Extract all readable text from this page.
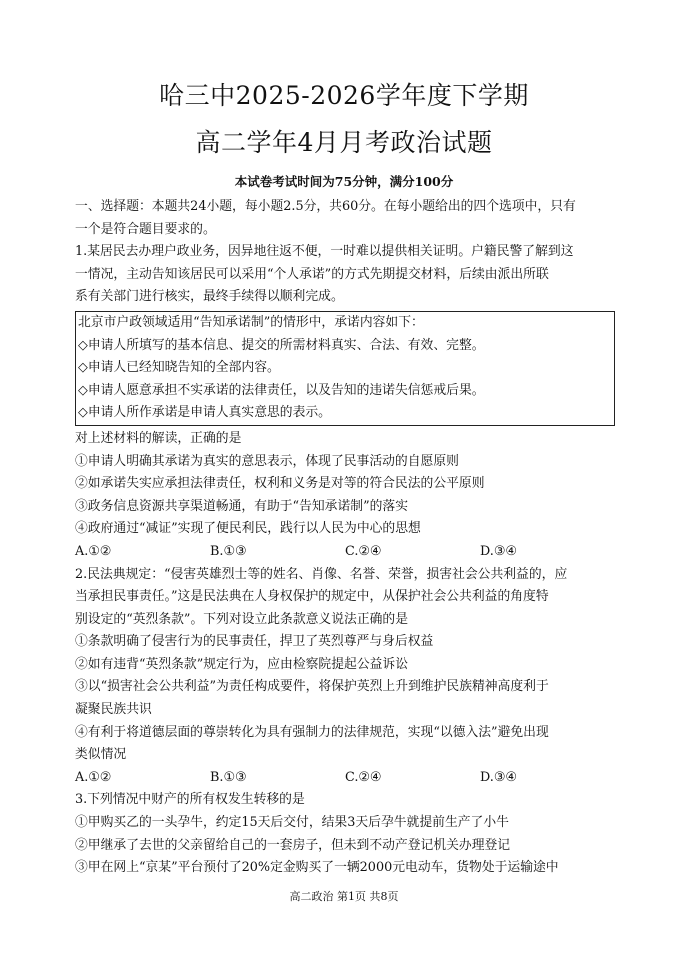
哈三中2025-2026学年度下学期
高二学年4月月考政治试题
本试卷考试时间为75分钟，满分100分

一、选择题：本题共24小题，每小题2.5分，共60分。在每小题给出的四个选项中，只有

一个是符合题目要求的。

1.某居民去办理户政业务，因异地往返不便，一时难以提供相关证明。户籍民警了解到这

一情况，主动告知该居民可以采用“个人承诺”的方式先期提交材料，后续由派出所联

系有关部门进行核实，最终手续得以顺利完成。

北京市户政领域适用“告知承诺制”的情形中，承诺内容如下：

◇申请人所填写的基本信息、提交的所需材料真实、合法、有效、完整。

◇申请人已经知晓告知的全部内容。

◇申请人愿意承担不实承诺的法律责任，以及告知的违诺失信惩戒后果。

◇申请人所作承诺是申请人真实意思的表示。

对上述材料的解读，正确的是

①申请人明确其承诺为真实的意思表示，体现了民事活动的自愿原则

②如承诺失实应承担法律责任，权利和义务是对等的符合民法的公平原则

③政务信息资源共享渠道畅通，有助于“告知承诺制”的落实

④政府通过“减证”实现了便民利民，践行以人民为中心的思想

A.①②	B.①③	C.②④	D.③④

2.民法典规定：“侵害英雄烈士等的姓名、肖像、名誉、荣誉，损害社会公共利益的，应

当承担民事责任。”这是民法典在人身权保护的规定中，从保护社会公共利益的角度特

别设定的“英烈条款”。下列对设立此条款意义说法正确的是

①条款明确了侵害行为的民事责任，捍卫了英烈尊严与身后权益

②如有违背“英烈条款”规定行为，应由检察院提起公益诉讼

③以“损害社会公共利益”为责任构成要件，将保护英烈上升到维护民族精神高度利于

凝聚民族共识

④有利于将道德层面的尊崇转化为具有强制力的法律规范，实现“以德入法”避免出现

类似情况

A.①②	B.①③	C.②④	D.③④

3.下列情况中财产的所有权发生转移的是

①甲购买乙的一头孕牛，约定15天后交付，结果3天后孕牛就提前生产了小牛

②甲继承了去世的父亲留给自己的一套房子，但未到不动产登记机关办理登记

③甲在网上“京某”平台预付了20%定金购买了一辆2000元电动车，货物处于运输途中

高二政治 第1页 共8页
